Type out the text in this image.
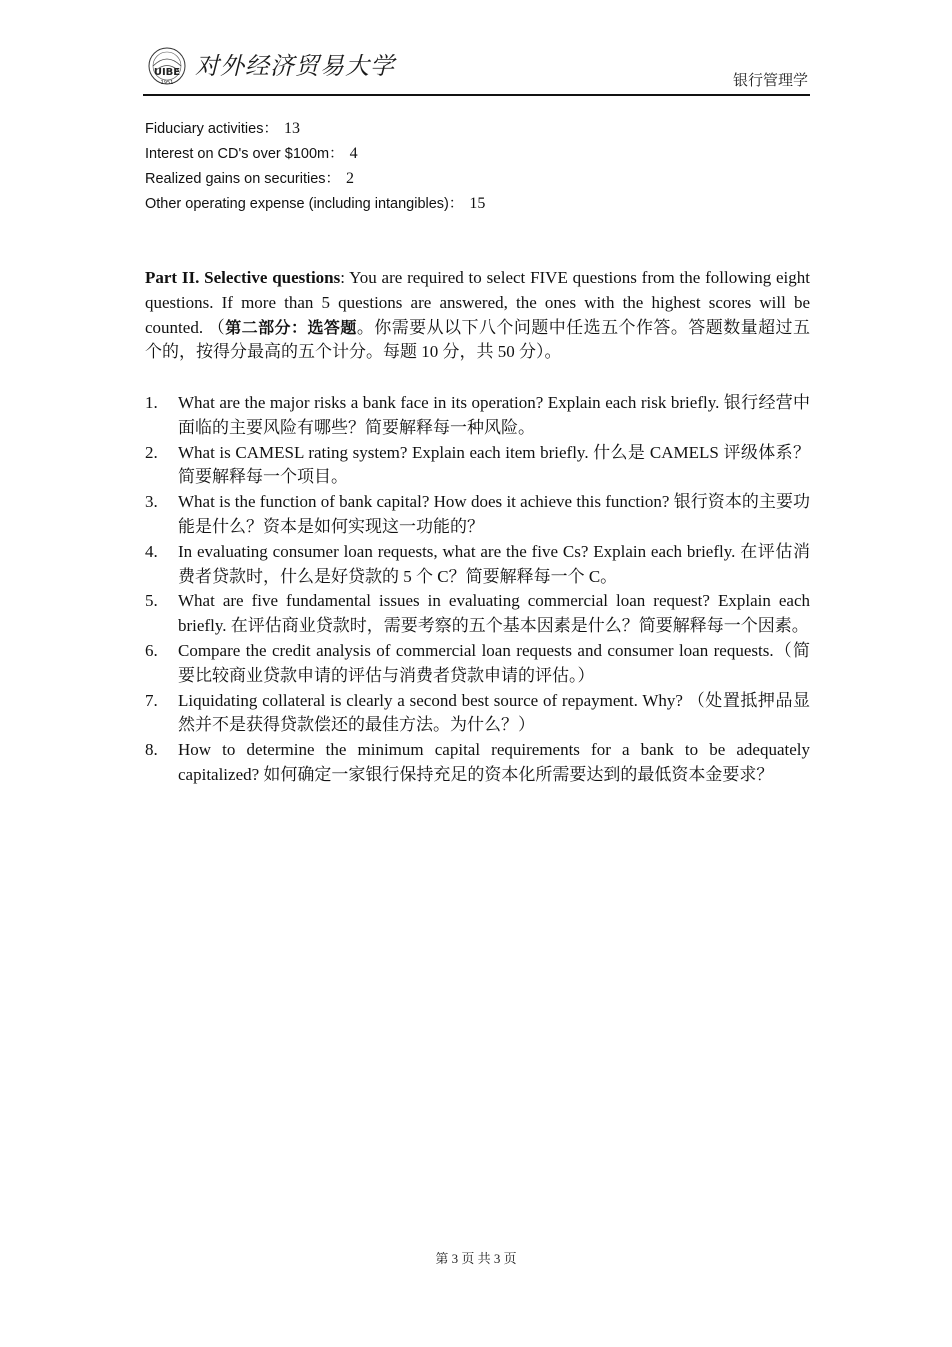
UIBE
1951
对外经济贸易大学	银行管理学
Fiduciary activities： 13
Interest on CD's over $100m： 4
Realized gains on securities： 2
Other operating expense (including intangibles)： 15
Part II. Selective questions: You are required to select FIVE questions from the following eight questions. If more than 5 questions are answered, the ones with the highest scores will be counted. （第二部分：选答题。你需要从以下八个问题中任选五个作答。答题数量超过五个的，按得分最高的五个计分。每题 10 分，共 50 分）。
1. What are the major risks a bank face in its operation? Explain each risk briefly. 银行经营中面临的主要风险有哪些？简要解释每一种风险。
2. What is CAMESL rating system? Explain each item briefly. 什么是 CAMELS 评级体系？简要解释每一个项目。
3. What is the function of bank capital? How does it achieve this function? 银行资本的主要功能是什么？资本是如何实现这一功能的？
4. In evaluating consumer loan requests, what are the five Cs? Explain each briefly. 在评估消费者贷款时，什么是好贷款的 5 个 C？简要解释每一个 C。
5. What are five fundamental issues in evaluating commercial loan request? Explain each briefly. 在评估商业贷款时，需要考察的五个基本因素是什么？简要解释每一个因素。
6. Compare the credit analysis of commercial loan requests and consumer loan requests.（简要比较商业贷款申请的评估与消费者贷款申请的评估。）
7. Liquidating collateral is clearly a second best source of repayment. Why? （处置抵押品显然并不是获得贷款偿还的最佳方法。为什么？）
8. How to determine the minimum capital requirements for a bank to be adequately capitalized? 如何确定一家银行保持充足的资本化所需要达到的最低资本金要求？
第 3 页 共 3 页
